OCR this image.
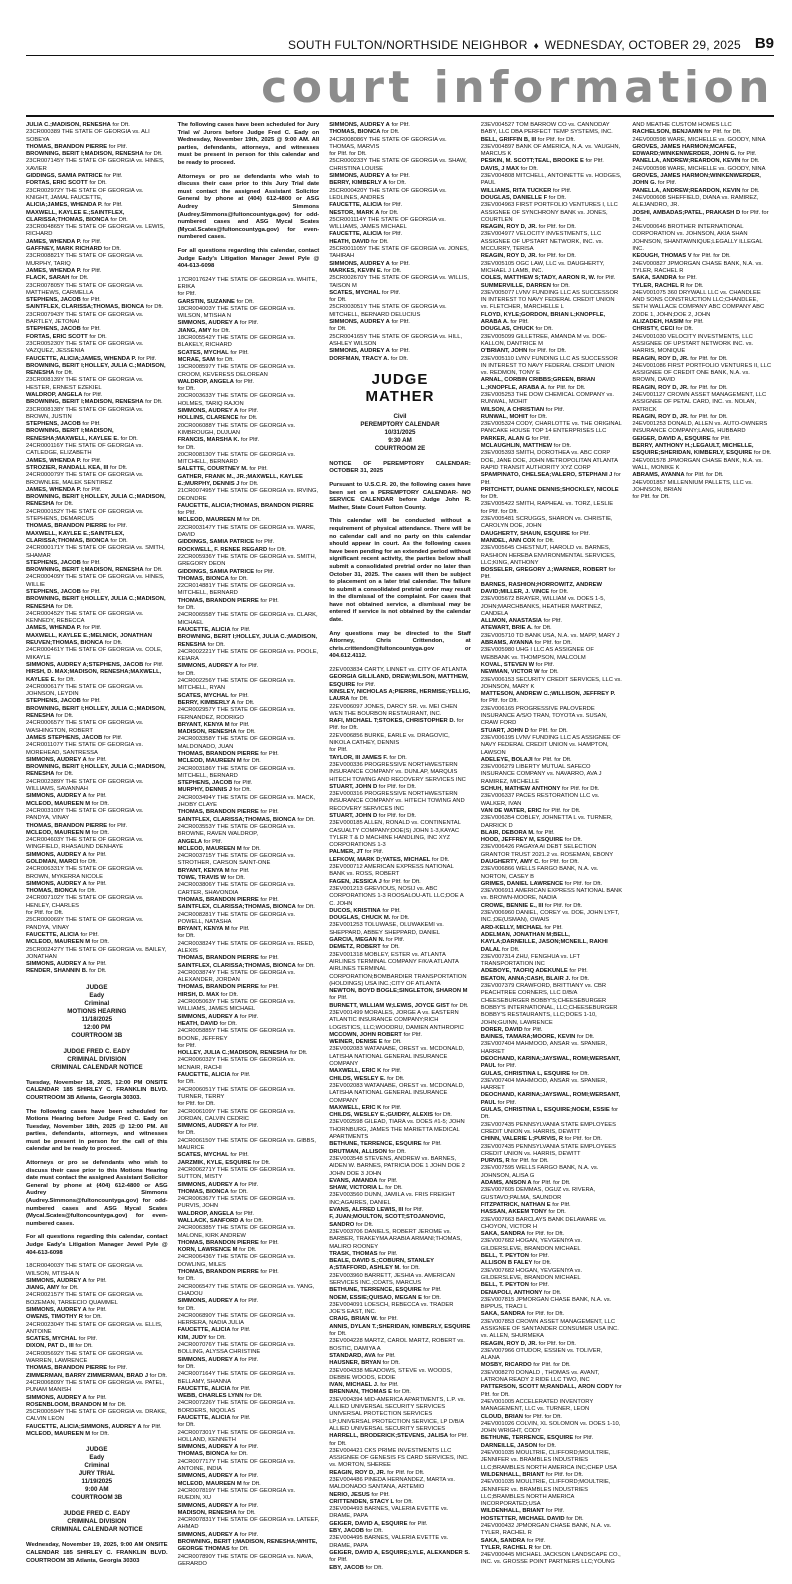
SOUTH FULTON/NORTHSIDE NEIGHBOR ♦ WEDNESDAY, OCTOBER 29, 2025 B9
court information
JULIA C.;MADISON, RENESHA for Dft.
23CR000389 THE STATE OF GEORGIA vs. ALI SOBEYA
THOMAS, BRANDON PIERRE for Pltf.
BROWNING, BERIT I;MADISON, RENESHA for Dft.
23CR007145Y THE STATE OF GEORGIA vs. HINES, XAVIER
GIDDINGS, SAMIA PATRICE for Pltf.
FORTAS, ERIC SCOTT for Dft.
23CR002972Y THE STATE OF GEORGIA vs. KNIGHT, JAMAL FAUCETTE,
ALICIA;JAMES, WHENDA P. for Pltf.
MAXWELL, KAYLEE E.;SAINTFLEX, CLARISSA;THOMAS, BIONCA for Dft.
23CR004865Y THE STATE OF GEORGIA vs. LEWIS, RICHARD
JAMES, WHENDA P. for Pltf.
GAFFNEY, MARK RICHARD for Dft.
23CR008821Y THE STATE OF GEORGIA vs. MURPHY, TARIQ
JAMES, WHENDA P. for Pltf.
FLACK, SARAH for Dft.
23CR007805Y THE STATE OF GEORGIA vs. MATTHEWS, CARMELLA
STEPHENS, JACOB for Pltf.
SAINTFLEX, CLARISSA;THOMAS, BIONCA for Dft.
23CR007943Y THE STATE OF GEORGIA vs. BARTLEY, JETONAI
STEPHENS, JACOB for Pltf.
FORTAS, ERIC SCOTT for Dft.
23CR005230Y THE STATE OF GEORGIA vs. VAZQUEZ, JESSENIA
FAUCETTE, ALICIA;JAMES, WHENDA P. for Pltf.
BROWNING, BERIT I;HOLLEY, JULIA C.;MADISON, RENESHA for Dft.
23CR008139Y THE STATE OF GEORGIA vs. HESTER, ERNEST EZEKIEL
WALDROP, ANGELA for Pltf.
BROWNING, BERIT I;MADISON, RENESHA for Dft.
23CR008138Y THE STATE OF GEORGIA vs. BROWN, JUSTIN
STEPHENS, JACOB for Pltf.
BROWNING, BERIT I;MADISON, RENESHA;MAXWELL, KAYLEE E. for Dft.
24CR000116Y THE STATE OF GEORGIA vs. CATLEDGE, ELIZABETH
JAMES, WHENDA P. for Pltf.
STROZIER, RANDALL KEA, III for Dft.
24CR000079Y THE STATE OF GEORGIA vs. BROWNLEE, MALEK SENTIREZ
JAMES, WHENDA P. for Pltf.
BROWNING, BERIT I;HOLLEY, JULIA C.;MADISON, RENESHA for Dft.
24CR000152Y THE STATE OF GEORGIA vs. STEPHENS, DEMARCUS
THOMAS, BRANDON PIERRE for Pltf.
MAXWELL, KAYLEE E.;SAINTFLEX, CLARISSA;THOMAS, BIONCA for Dft.
24CR000171Y THE STATE OF GEORGIA vs. SMITH, SHAMAR
STEPHENS, JACOB for Pltf.
BROWNING, BERIT I;MADISON, RENESHA for Dft.
24CR000409Y THE STATE OF GEORGIA vs. HINES, WILLIE
STEPHENS, JACOB for Pltf.
BROWNING, BERIT I;HOLLEY, JULIA C.;MADISON, RENESHA for Dft.
24CR000452Y THE STATE OF GEORGIA vs. KENNEDY, REBECCA
JAMES, WHENDA P. for Pltf.
MAXWELL, KAYLEE E.;MELNICK, JONATHAN REUVEN;THOMAS, BIONCA for Dft.
24CR000461Y THE STATE OF GEORGIA vs. COLE, MIKAYLE
SIMMONS, AUDREY A;STEPHENS, JACOB for Pltf.
HIRSH, D. MAX;MADISON, RENESHA;MAXWELL, KAYLEE E. for Dft.
24CR000617Y THE STATE OF GEORGIA vs. JOHNSON, LEYDIN
STEPHENS, JACOB for Pltf.
BROWNING, BERIT I;HOLLEY, JULIA C.;MADISON, RENESHA for Dft.
24CR000657Y THE STATE OF GEORGIA vs. WASHINGTON, ROBERT
JAMES STEPHENS, JACOB for Pltf.
24CR001107Y THE STATE OF GEORGIA vs. MOREHEAD, SANTRESSA
SIMMONS, AUDREY A for Pltf.
BROWNING, BERIT I;HOLLEY, JULIA C.;MADISON, RENESHA for Dft.
24CR002389Y THE STATE OF GEORGIA vs. WILLIAMS, SAVANNAH
SIMMONS, AUDREY A for Pltf.
MCLEOD, MAUREEN M for Dft.
24CR003100Y THE STATE OF GEORGIA vs. PANDYA, VINAY
THOMAS, BRANDON PIERRE for Pltf.
MCLEOD, MAUREEN M for Dft.
24CR004603Y THE STATE OF GEORGIA vs. WINGFIELD, RHASAUND DENHAYE
SIMMONS, AUDREY A for Pltf.
GOLDMAN, MARCI for Dft.
24CR006331Y THE STATE OF GEORGIA vs. BROWN, MYKERRA NICOLE
SIMMONS, AUDREY A for Pltf.
THOMAS, BIONCA for Dft.
24CR007102Y THE STATE OF GEORGIA vs. HENLEY, CHARLES
for Pltf. for Dft.
25CR000069Y THE STATE OF GEORGIA vs. PANDYA, VINAY
FAUCETTE, ALICIA for Pltf.
MCLEOD, MAUREEN M for Dft.
25CR002427Y THE STATE OF GEORGIA vs. BAILEY, JONATHAN
SIMMONS, AUDREY A for Pltf.
RENDER, SHANNIN B. for Dft.
JUDGE
Eady
Criminal
MOTIONS HEARING
11/18/2025
12:00 PM
COURTROOM 3B
JUDGE FRED C. EADY
CRIMINAL DIVISION
CRIMINAL CALENDAR NOTICE

Tuesday, November 18, 2025, 12:00 PM ONSITE CALENDAR 185 SHIRLEY C. FRANKLIN BLVD. COURTROOM 3B Atlanta, Georgia 30303.

The following cases have been scheduled for Motions Hearing before Judge Fred C. Eady on Tuesday, November 18th, 2025 @ 12:00 PM. All parties, defendants, attorneys, and witnesses must be present in person for the call of this calendar and be ready to proceed.

Attorneys or pro se defendants who wish to discuss their case prior to this Motions Hearing date must contact the assigned Assistant Solicitor General by phone at (404) 612-4800 or ASG Audrey Simmons (Audrey.Simmons@fultoncountyga.gov) for odd-numbered cases and ASG Mycal Scates (Mycal.Scates@fultoncountyga.gov) for even-numbered cases.

For all questions regarding this calendar, contact Judge Eady's Litigation Manager Jewel Pyle @ 404-613-6098

18CR004003Y THE STATE OF GEORGIA vs. WILSON, MTISHA N
SIMMONS, AUDREY A for Pltf.
JIANG, AMY for Dft.
24CR002157Y THE STATE OF GEORGIA vs. BOZEMAN, TAREECIO QUAMMEL
SIMMONS, AUDREY A for Pltf.
OWENS, TIMOTHY R for Dft.
24CR002304Y THE STATE OF GEORGIA vs. ELLIS, ANTOINE
SCATES, MYCHAL for Pltf.
DIXON, PAT D., III for Dft.
24CR005692Y THE STATE OF GEORGIA vs. WARREN, LAWRENCE
THOMAS, BRANDON PIERRE for Pltf.
ZIMMERMAN, BARRY ZIMMERMAN, BRAD J for Dft.
24CR006809Y THE STATE OF GEORGIA vs. PATEL, PUNAM MANISH
SIMMONS, AUDREY A for Pltf.
ROSENBLOOM, BRANDON M for Dft.
25CR000594Y THE STATE OF GEORGIA vs. DRAKE, CALVIN LEON
FAUCETTE, ALICIA;SIMMONS, AUDREY A for Pltf.
MCLEOD, MAUREEN M for Dft.
JUDGE
Eady
Criminal
JURY TRIAL
11/19/2025
9:00 AM
COURTROOM 3B
JUDGE FRED C. EADY
CRIMINAL DIVISION
CRIMINAL CALENDAR NOTICE

Wednesday, November 19, 2025, 9:00 AM ONSITE CALENDAR 185 SHIRLEY C. FRANKLIN BLVD. COURTROOM 3B Atlanta, Georgia 30303

The following cases have been scheduled for Jury Trial w/ Jurors before Judge Fred C. Eady on Wednesday, November 19th, 2025 @ 9:00 AM. All parties, defendants, attorneys, and witnesses must be present in person for this calendar and be ready to proceed.

Attorneys or pro se defendants who wish to discuss their case prior to this Jury Trial date must contact the assigned Assistant Solicitor General by phone at (404) 612-4800 or ASG Audrey Simmons (Audrey.Simmons@fultoncountyga.gov) for odd-numbered cases and ASG Mycal Scates (Mycal.Scates@fultoncountyga.gov) for even-numbered cases.

For all questions regarding this calendar, contact Judge Eady's Litigation Manager Jewel Pyle @ 404-613-6098

17CR017624Y THE STATE OF GEORGIA vs. WHITE, ERIKA
for Pltf.
GARSTIN, SUZANNE for Dft.
18CR004003Y THE STATE OF GEORGIA vs. WILSON, MTISHA N
SIMMONS, AUDREY A for Pltf.
JIANG, AMY for Dft.
18CR005542Y THE STATE OF GEORGIA vs. BLAKELY, RICHARD
SCATES, MYCHAL for Pltf.
MCRAE, SAM for Dft.
19CR008597Y THE STATE OF GEORGIA vs. CROOM, KEVERESS DELOREAN
WALDROP, ANGELA for Pltf.
for Dft.
20CR003633Y THE STATE OF GEORGIA vs. HOLMES, TARIQ RAJON
SIMMONS, AUDREY A for Pltf.
HOLLINS, CLARENCE for Dft.
20CR006088Y THE STATE OF GEORGIA vs. KIMBROUGH, DUJUAN
FRANCIS, MARSHA K. for Pltf.
for Dft.
20CR008130Y THE STATE OF GEORGIA vs. MITCHELL, BERNARD
SALETTE, COURTNEY M. for Pltf.
GATHER, FRANK M., JR.;MAXWELL, KAYLEE E.;MURPHY, DENNIS J for Dft.
21CR007495Y THE STATE OF GEORGIA vs. IRVING, DEONDRE
FAUCETTE, ALICIA;THOMAS, BRANDON PIERRE for Pltf.
MCLEOD, MAUREEN M for Dft.
22CR003147Y THE STATE OF GEORGIA vs. WARE, DAVID
GIDDINGS, SAMIA PATRICE for Pltf.
ROCKWELL, F. RENEE REGARD for Dft.
22CR005936Y THE STATE OF GEORGIA vs. SMITH, GREGORY DEON
GIDDINGS, SAMIA PATRICE for Pltf.
THOMAS, BIONCA for Dft.
22CR014881Y THE STATE OF GEORGIA vs. MITCHELL, BERNARD
THOMAS, BRANDON PIERRE for Pltf.
for Dft.
24CR006558Y THE STATE OF GEORGIA vs. CLARK, MICHAEL
FAUCETTE, ALICIA for Pltf.
BROWNING, BERIT I;HOLLEY, JULIA C.;MADISON, RENESHA for Dft.
24CR002221Y THE STATE OF GEORGIA vs. POOLE, KEIARA
SIMMONS, AUDREY A for Pltf.
for Dft.
24CR002256Y THE STATE OF GEORGIA vs. MITCHELL, RYAN
SCATES, MYCHAL for Pltf.
BERRY, KIMBERLY A for Dft.
24CR002957Y THE STATE OF GEORGIA vs. FERNANDEZ, RODRIGO
BRYANT, KENYA M for Pltf.
MADISON, RENESHA for Dft.
24CR003358Y THE STATE OF GEORGIA vs. MALDONADO, JUAN
THOMAS, BRANDON PIERRE for Pltf.
MCLEOD, MAUREEN M for Dft.
24CR003186Y THE STATE OF GEORGIA vs. MITCHELL, BERNARD
STEPHENS, JACOB for Pltf.
MURPHY, DENNIS J for Dft.
24CR003494Y THE STATE OF GEORGIA vs. MACK, JHOBY CLAYE
THOMAS, BRANDON PIERRE for Pltf.
SAINTFLEX, CLARISSA;THOMAS, BIONCA for Dft.
24CR003553Y THE STATE OF GEORGIA vs. BROWNE, RAVEN WALDROP,
ANGELA for Pltf.
MCLEOD, MAUREEN M for Dft.
24CR003715Y THE STATE OF GEORGIA vs. STROTHER, CARSON SAINT-ONE
BRYANT, KENYA M for Pltf.
TOWE, TRAVIS W for Dft.
24CR003806Y THE STATE OF GEORGIA vs. CARTER, SHAVONDIA
THOMAS, BRANDON PIERRE for Pltf.
SAINTFLEX, CLARISSA;THOMAS, BIONCA for Dft.
24CR008281Y THE STATE OF GEORGIA vs. POWELL, NATASHA
BRYANT, KENYA M for Pltf.
for Dft.
24CR003824Y THE STATE OF GEORGIA vs. REED, ALEXIS
THOMAS, BRANDON PIERRE for Pltf.
SAINTFLEX, CLARISSA;THOMAS, BIONCA for Dft.
24CR003874Y THE STATE OF GEORGIA vs. ALEXANDER, JORDAN
THOMAS, BRANDON PIERRE for Pltf.
HIRSH, D. MAX for Dft.
24CR005063Y THE STATE OF GEORGIA vs. WILLIAMS, JAMES MICHAEL
SIMMONS, AUDREY A for Pltf.
HEATH, DAVID for Dft.
24CR005885Y THE STATE OF GEORGIA vs. BOONE, JEFFREY
for Pltf.
HOLLEY, JULIA C.;MADISON, RENESHA for Dft.
24CR006032Y THE STATE OF GEORGIA vs. MCNAIR, RACHI
FAUCETTE, ALICIA for Pltf.
for Dft.
24CR006051Y THE STATE OF GEORGIA vs. TURNER, TERRY
for Pltf. for Dft.
24CR006109Y THE STATE OF GEORGIA vs. JORDAN, CALVIN CEDRIC
SIMMONS, AUDREY A for Pltf.
for Dft.
24CR006150Y THE STATE OF GEORGIA vs. GIBBS, MAURICE
SCATES, MYCHAL for Pltf.
JARZMIK, KYLE, ESQUIRE for Dft.
24CR006271Y THE STATE OF GEORGIA vs. SUTTON, MISTY
SIMMONS, AUDREY A for Pltf.
THOMAS, BIONCA for Dft.
24CR006367Y THE STATE OF GEORGIA vs. PURVIS, JOHN
WALDROP, ANGELA for Pltf.
WALLACK, SANFORD A for Dft.
24CR006385Y THE STATE OF GEORGIA vs. MALONE, KIRK ANDREW
THOMAS, BRANDON PIERRE for Pltf.
KORN, LAWRENCE M for Dft.
24CR006436Y THE STATE OF GEORGIA vs. DOWLING, MILES
THOMAS, BRANDON PIERRE for Pltf.
for Dft.
24CR006547Y THE STATE OF GEORGIA vs. YANG, CHADOU
SIMMONS, AUDREY A for Pltf.
for Dft.
24CR006890Y THE STATE OF GEORGIA vs. HERRERA, NADIA JULIA
FAUCETTE, ALICIA for Pltf.
KIM, JUDY for Dft.
24CR007076Y THE STATE OF GEORGIA vs. BOLLING, ALYSSA CHRISTINE
SIMMONS, AUDREY A for Pltf.
for Dft.
24CR007164Y THE STATE OF GEORGIA vs. BELLAMY, SHANNA
FAUCETTE, ALICIA for Pltf.
WEBB, CHARLES LYNN for Dft.
24CR007226Y THE STATE OF GEORGIA vs. BORDERS, NIQOLAS
FAUCETTE, ALICIA for Pltf.
for Dft.
24CR007301Y THE STATE OF GEORGIA vs. HOLLAND, KENNETH
SIMMONS, AUDREY A for Pltf.
THOMAS, BIONCA for Dft.
24CR007717Y THE STATE OF GEORGIA vs. ANTOINE, INDIA
SIMMONS, AUDREY A for Pltf.
MCLEOD, MAUREEN M for Dft.
24CR007819Y THE STATE OF GEORGIA vs. RUEDIN, XU
SIMMONS, AUDREY A for Pltf.
MADISON, RENESHA for Dft.
24CR007831Y THE STATE OF GEORGIA vs. LATEEF, AHMAD
SIMMONS, AUDREY A for Pltf.
BROWNING, BERIT I;MADISON, RENESHA;WHITE, GEORGE THOMAS for Dft.
24CR007890Y THE STATE OF GEORGIA vs. NAVA, GERARDO
SIMMONS, AUDREY A for Pltf.
THOMAS, BIONCA for Dft.
24CR008086Y THE STATE OF GEORGIA vs. THOMAS, MARVIS
for Pltf. for Dft.
25CR000233Y THE STATE OF GEORGIA vs. SHAW, CHRISTINA LOUISE
SIMMONS, AUDREY A for Pltf.
BERRY, KIMBERLY A for Dft.
25CR000420Y THE STATE OF GEORGIA vs. LEDLINES, ANDRES
FAUCETTE, ALICIA for Pltf.
NESTOR, MARK A for Dft.
25CR001114Y THE STATE OF GEORGIA vs. WILLIAMS, JAMES MICHAEL
FAUCETTE, ALICIA for Pltf.
HEATH, DAVID for Dft.
25CR001105Y THE STATE OF GEORGIA vs. JONES, TAHIRAH
SIMMONS, AUDREY A for Pltf.
MARKES, KEVIN E. for Dft.
25CR002670Y THE STATE OF GEORGIA vs. WILLIS, TAISON M
SCATES, MYCHAL for Pltf.
for Dft.
25CR003051Y THE STATE OF GEORGIA vs. MITCHELL, BERNARD DELUCIUS
SIMMONS, AUDREY A for Pltf.
for Dft.
25CR004165Y THE STATE OF GEORGIA vs. HILL, ASHLEY WILSON
SIMMONS, AUDREY A for Pltf.
DORFMAN, TRACY A. for Dft.
JUDGE
MATHER
Civil
PEREMPTORY CALENDAR
10/31/2025
9:30 AM
COURTROOM 2E

NOTICE OF PEREMPTORY CALENDAR: OCTOBER 31, 2025

Pursuant to U.S.C.R. 20, the following cases have been set on a PEREMPTORY CALENDAR- NO SERVICE CALENDAR before Judge John R. Mather, State Court Fulton County.

This calendar will be conducted without a requirement of physical attendance. There will be no calendar call and no party on this calendar should appear in court. As the following cases have been pending for an extended period without significant recent activity, the parties below shall submit a consolidated pretrial order no later than October 31, 2025. The cases will then be subject to placement on a later trial calendar. The failure to submit a consolidated pretrial order may result in the dismissal of the complaint. For cases that have not obtained service, a dismissal may be entered if service is not obtained by the calendar date.

Any questions may be directed to the Staff Attorney, Chris Crittendon, at chris.crittendon@fultoncountyga.gov or 404.612.4112.

22EV003834 CARTY, LINNET vs. CITY OF ATLANTA
GEORGIA GILLILAND, DREW;WILSON, MATTHEW, ESQUIRE for Pltf.
KINSLEY, NICHOLAS A;PIERRE, HERMISE;YELLIG, LAURA for Dft.
22EV006097 JONES, DARCY SR. vs. MEI CHEN WEN THE BOURBON RESTAURANT, INC.
RAFI, MICHAEL T;STOKES, CHRISTOPHER D. for Pltf. for Dft.
22EV006856 BURKE, EARLE vs. DRAGOVIC, NIKOLA CATHEY, DENNIS
for Pltf.
TAYLOR, III JAMES F. for Dft.
23EV000336 PROGRESSIVE NORTHWESTERN INSURANCE COMPANY vs. DUNLAP, MARQUIS HITECH TOWING AND RECOVERY SERVICES INC
STUART, JOHN D for Pltf. for Dft.
23EV000316 PROGRESSIVE NORTHWESTERN INSURANCE COMPANY vs. HITECH TOWING AND RECOVERY SERVICES INC
STUART, JOHN D for Pltf. for Dft.
23EV000185 ALLEN, RONALD vs. CONTINENTAL CASUALTY COMPANY;DOE(S) JOHN 1-3,KAYAC TYLER T & D MACHINE HANDLING, INC XYZ CORPORATIONS 1-3
PALMER, JT for Pltf.
LEFKOW, MARK D;YATES, MICHAEL for Dft.
23EV000712 AMERICAN EXPRESS NATIONAL BANK vs. ROSS, ROBERT
FAGEN, JESSICA J for Pltf. for Dft.
23EV001213 GREVIOUS, NOSIJ vs. ABC CORPORATIONS 1-3 ROOSALOU-ATL LLC;DOE A C. JOHN
DUCOS, KRISTINA for Pltf.
DOUGLAS, CHUCK M. for Dft.
23EV001253 TOLUWASE, OLUWAKEMI vs. SHEPPARD, ABBEY SHEPPARD, DANIEL
GARCIA, MEGAN N. for Pltf.
DEMETZ, ROBERT for Dft.
23EV001318 MOBLEY, ESTER vs. ATLANTA AIRLINES TERMINAL COMPANY F/K/A ATLANTA AIRLINES TERMINAL CORPORATION;BOMBARDIER TRANSPORTATION (HOLDINGS) USA INC.;CITY OF ATLANTA
NEWTON, BOYD BOGLE;SINGLETON, SHARON M for Pltf.
BURNETT, WILLIAM W;LEWIS, JOYCE GIST for Dft.
23EV001499 MORALES, JORGE A vs. EASTERN ATLANTIC INSURANCE COMPANY;RICH LOGISTICS, LLC;WOODRU, DAMIEN ANTHROPIC
MCCOWN, JOHN ROBERT for Pltf.
WEINER, DENISE E for Dft.
23EV002083 WATANABE, OREST vs. MCDONALD, LATISHA NATIONAL GENERAL INSURANCE COMPANY
MAXWELL, ERIC K for Pltf.
CHILDS, WESLEY E. for Dft.
23EV002083 WATANABE, OREST vs. MCDONALD, LATISHA NATIONAL GENERAL INSURANCE COMPANY
MAXWELL, ERIC K for Pltf.
CHILDS, WESLEY E.;GUIDRY, ALEXIS for Dft.
23EV002598 GILEAD, TIARA vs. DOES #1-5; JOHN THORNBURG, JAMES THE MARIETTA MEDICAL APARTMENTS
BETHUNE, TERRENCE, ESQUIRE for Pltf.
DRUTMAN, ALLISON for Dft.
23EV003548 STEVENS, ANDREW vs. BARNES, AIDEN W. BARNES, PATRICIA DOE 1 JOHN DOE 2 JOHN DOE 3 JOHN
EVANS, AMANDA for Pltf.
SHAW, VICTORIA L. for Dft.
23EV003560 DUNN, JAMILA vs. FRIS FREIGHT INC;AGAIRES, DANIEL
EVANS, ALFRED LEWIS, III for Pltf.
F, JUAN;MOULTON, SCOTT;STOJANOVIC, SANDRO for Dft.
23EV003706 DANIELS, ROBERT JEROME vs. BARBER, TRAKEYMA ARABIA ARMANI;THOMAS, MALIRO ROONEY
TRASK, THOMAS for Pltf.
BEALE, DAVID S.;COBURN, STANLEY A;STAFFORD, ASHLEY M. for Dft.
23EV003960 BARRETT, JESHIA vs. AMERICAN SERVICES INC.;COATS, MARCUS
BETHUNE, TERRENCE, ESQUIRE for Pltf.
NOEM, ESSIE;QUISAO, MEGAN E for Dft.
23EV004091 LOESCH, REBECCA vs. TRADER JOE'S EAST, INC.
CRAIG, BRIAN W. for Pltf.
ANNIS, DYLAN T.;SHERIDAN, KIMBERLY, ESQUIRE for Dft.
23EV004228 MARTZ, CAROL MARTZ, ROBERT vs. BOSTIC, DAMIYA A
STANDARD, AVA for Pltf.
HAUSNER, BRYAN for Dft.
23EV004338 MEADOWS, STEVE vs. WOODS, DEBBIE WOODS, EDDIE
IVAN, MICHAEL J. for Pltf.
BRENNAN, THOMAS E for Dft.
23EV004394 MID-AMERICA APARTMENTS, L.P. vs. ALLIED UNIVERSAL SECURITY SERVICES UNIVERSAL PROTECTION SERVICES LP;UNIVERSAL PROTECTION SERVICE, LP D/B/A ALLIED UNIVERSAL SECURITY SERVICES
HARRELL, BRODERICK;STEVENS, JALISA for Pltf. for Dft.
23EV004421 CKS PRIME INVESTMENTS LLC ASSIGNEE OF GENESIS FS CARD SERVICES, INC. vs. MORTON, SHEREE
REAGIN, ROY D, JR. for Pltf. for Dft.
23EV004486 PINEDA HERNANDEZ, MARTA vs. MALDONADO SANTANA, ARTEMIO
NERIO, JESUS for Pltf.
CRITTENDEN, STACY L for Dft.
23EV004493 BARNES, VALERIA EVETTE vs. DRAME, PAPA
GEIGER, DAVID A, ESQUIRE for Pltf.
EBY, JACOB for Dft.
23EV004495 BARNES, VALERIA EVETTE vs. DRAME, PAPA
GEIGER, DAVID A, ESQUIRE;LYLE, ALEXANDER S. for Pltf.
EBY, JACOB for Dft.
23EV004527 TOM BARROW CO vs. CANNODAY BABY, LLC DBA PERFECT TEMP SYSTEMS, INC.
BELL, GRIFFIN B, III for Pltf. for Dft.
23EV004897 BANK OF AMERICA, N.A. vs. VAUGHN, MARCUS K
PESKIN, M. SCOTT;TEAL, BROOKE E for Pltf.
DAVIS, J MAX for Dft.
23EV004808 MITCHELL, ANTOINETTE vs. HODGES, PAUL
WILLIAMS, RITA TUCKER for Pltf.
DOUGLAS, DANIELLE F for Dft.
23EV004963 FIRST PORTFOLIO VENTURES I, LLC ASSIGNEE OF SYNCHRONY BANK vs. JONES, COURTLEN
REAGIN, ROY D, JR. for Pltf. for Dft.
23EV004977 VELOCITY INVESTMENTS, LLC ASSIGNEE OF UPSTART NETWORK, INC. vs. MCCURRY, TERISA
REAGIN, ROY D, JR. for Pltf. for Dft.
23EV005105 OGC LAW, LLC vs. DAUGHERTY, MICHAEL J LAMB, INC.
COLES, MATTHEW S;TADY, AARON R, W. for Pltf.
SUMMERVILLE, DARREN for Dft.
23EV005077 LVNV FUNDING LLC AS SUCCESSOR IN INTEREST TO NAVY FEDERAL CREDIT UNION vs. FLETCHER, MARCHELLE L
FLOYD, KYLE;GORDON, BRIAN L;KNOPFLE, ARABA A. for Pltf.
DOUGLAS, CHUCK for Dft.
23EV005099 GILLETREE, AMANDA M vs. DOE-KALLON, DANTRICE M
O'BRIANT, JOHN for Pltf. for Dft.
23EV005110 LVNV FUNDING LLC AS SUCCESSOR IN INTEREST TO NAVY FEDERAL CREDIT UNION vs. REDMON, TONY E
ARNAL, CORBIN CRIBBS;GREEN, BRIAN L.;KNOPFLE, ARABA A. for Pltf. for Dft.
23EV005253 THE DOW CHEMICAL COMPANY vs. RUNWAL, MOHIT
WILSON, A CHRISTIAN for Pltf.
RUNWAL, MOHIT for Dft.
23EV005324 CODY, CHARLOTTE vs. THE ORIGINAL PANCAKE HOUSE TOP 14 ENTERPRISES LLC
PARKER, ALAN G for Pltf.
MCLAUGHLIN, MATTHEW for Dft.
23EV005393 SMITH, DOROTHEA vs. ABC CORP DOE, JANE DOE, JOHN METROPOLITAN ATLANTA RAPID TRANSIT AUTHORITY XYZ CORP
SPAMPINATO, CHELSEA;VALERO, STEPHANI J for Pltf.
PRITCHETT, DUANE DENNIS;SHOCKLEY, NICOLE for Dft.
23EV005422 SMITH, RAPHEAL vs. TORZ, LESLIE
for Pltf. for Dft.
23EV005481 SCRUGGS, SHARON vs. CHRISTIE, CAROLYN DOE, JOHN
DAUGHERTY, SHAUN, ESQUIRE for Pltf.
MANDEL, ANN COX for Dft.
23EV005645 CHESTNUT, HAROLD vs. BARNES, RASHION HEREBA ENVIRONMENTAL SERVICES, LLC;KING, ANTHONY
BOSSELER, GREGORY J.;WARNER, ROBERT for Pltf.
BARNES, RASHION;HORROWITZ, ANDREW DAVID;MILLER, J. VINCE for Dft.
23EV005672 BRAYER, WILLIAM vs. DOES 1-5, JOHN;MARCHBANKS, HEATHER MARTINEZ, CANDELA
ALLMON, ANASTASIA for Pltf.
ATEWART, BRIE A. for Dft.
23EV005710 TD BANK USA, N.A. vs. MAPP, MARY J
ABRAMS, AYANNA for Pltf. for Dft.
23EV005980 UHG I LLC AS ASSIGNEE OF WEBBANK vs. THOMPSON, MALCOLM
KOVAL, STEVEN W for Pltf.
NEWMAN, VICTOR W for Dft.
23EV006153 SECURITY CREDIT SERVICES, LLC vs. JOHNSON, MARY K
MATTESON, ANDREW C.;WILLISON, JEFFREY P. for Pltf. for Dft.
23EV006165 PROGRESSIVE PALOVERDE INSURANCE A/S/O TRAN, TOYOTA vs. SUSAN, CRAW FORD
STUART, JOHN D for Pltf. for Dft.
23EV006195 LVNV FUNDING LLC AS ASSIGNEE OF NAVY FEDERAL CREDIT UNION vs. HAMPTON, LAWSON
ADELEYE, BOLAJI for Pltf. for Dft.
23EV006279 LIBERTY MUTUAL SAFECO INSURANCE COMPANY vs. NAVARRO, AVA J RAMIREZ, MICHELLE
SCHUH, MATHEW ANTHONY for Pltf. for Dft.
23EV006337 PACES RESTORATION LLC vs. WALKER, IVAN
VAN DE WATER, ERIC for Pltf. for Dft.
23EV006354 COBLEY, JOHNETTA L vs. TURNER, DARRICK D
BLAIR, DEBORA M. for Pltf.
HOOD, JEFFREY M, ESQUIRE for Dft.
23EV006426 PAGAYA AI DEBT SELECTION GRANTOR TRUST 2021.2 vs. ROSEMAN, EBONY
DAUGHERTY, AMY C. for Pltf. for Dft.
23EV006866 WELLS FARGO BANK, N.A. vs. NORTON, CASEY B
GRIMES, DANIEL LAWRENCE for Pltf. for Dft.
23EV006911 AMERICAN EXPRESS NATIONAL BANK vs. BROWN-MOORE, NADIA
CROWE, BENNIE E., III for Pltf. for Dft.
23EV006960 DANIEL, COREY vs. DOE, JOHN LYFT, INC.;DE(USMAN), OWAIS
ARD-KELLY, MICHAEL for Pltf.
ADELMAN, JONATHAN M;BELL, KAYLA;DARNEILLE, JASON;MCNEILL, RAKHI DALAL for Dft.
23EV007314 ZHU, FENGHUA vs. LFT TRANSPORTATION INC
ADEBOYE, TAOFIQ ADEKUNLE for Pltf.
BEATON, ANNA;CASH, BLAIR J. for Dft.
23EV007379 CRAWFORD, BRITTIANY vs. CBR PEACHTREE CORNERS, LLC D/B/A CHEESEBURGER BOBBY'S;CHEESEBURGER BOBBY'S INTERNATIONAL, LLC;CHEESEBURGER BOBBY'S RESTAURANTS, LLC;DOES 1-10, JOHN;GUINN, LAWRENCE
DORER, DAVID for Pltf.
BAINES, TAMARA;MOORE, KEVIN for Dft.
23EV007404 MAHMOOD, ANSAR vs. SPANIER, HARRET
DEOCHAND, KARINA;JAYSWAL, ROMI;WERSANT, PAUL for Pltf.
GULAS, CHRISTINA L, ESQUIRE for Dft.
23EV007404 MAHMOOD, ANSAR vs. SPANIER, HARRET
DEOCHAND, KARINA;JAYSWAL, ROMI;WERSANT, PAUL for Pltf.
GULAS, CHRISTINA L, ESQUIRE;NOEM, ESSIE for Dft.
23EV007435 PENNSYLVANIA STATE EMPLOYEES CREDIT UNION vs. HARRIS, DEWITT
CHINN, VALERIE L;PURVIS, R for Pltf. for Dft.
23EV007435 PENNSYLVANIA STATE EMPLOYEES CREDIT UNION vs. HARRIS, DEWITT
PURVIS, R for Pltf. for Dft.
23EV007595 WELLS FARGO BANK, N.A. vs. JOHNSON, ALISA G
ADAMS, ANSON A for Pltf. for Dft.
23EV007605 DEMMAS, OGUZ vs. RIVERA, GUSTAVO;PALMA, SAUNDOR
FITZPATRICK, NATHAN E for Pltf.
HASSAN, AKEEM TONY for Dft.
23EV007663 BARCLAYS BANK DELAWARE vs. CHOYON, VICTOR H
SAKA, SANDRA for Pltf. for Dft.
23EV007682 HOGAN, YEVGENIYA vs. GILDERSLEVE, BRANDON MICHAEL
BELL, T. PEYTON for Pltf.
ALLISON B FALEY for Dft.
23EV007682 HOGAN, YEVGENIYA vs. GILDERSLEVE, BRANDON MICHAEL
BELL, T. PEYTON for Pltf.
DENAPOLI, ANTHONY for Dft.
23EV007815 JPMORGAN CHASE BANK, N.A. vs. BIPPUS, TRACI L
SAKA, SANDRA for Pltf. for Dft.
23EV007853 CROWN ASSET MANAGEMENT, LLC ASSIGNEE OF SANTANDER CONSUMER USA INC. vs. ALLEN, SHURMEKA
REAGIN, ROY D, JR. for Pltf. for Dft.
23EV007966 OTUDOR, ESSIEN vs. TOLIVER, ALANA
MOSBY, RICARDO for Pltf. for Dft.
23EV008270 DONALD , THOMAS vs. AVANT, LATRONA READY 2 RIDE LLC TWO, INC
PATTERSON, SCOTT M;RANDALL, ARON CODY for Pltf. for Dft.
24EV001005 ACCELERATED INVENTORY MANAGEMENT, LLC vs. TURNER, LEON
CLOUD, BRIAN for Pltf. for Dft.
24EV001026 COLVIN, XL SOLOMON vs. DOES 1-10, JOHN WRIGHT, CODY
BETHUNE, TERRENCE, ESQUIRE for Pltf.
DARNEILLE, JASON for Dft.
24EV001035 MOULTRIE, CLIFFORD;MOULTRIE, JENNIFER vs. BRAMBLES INDUSTRIES LLC;BRAMBLES NORTH AMERICA INC;CHEP USA
WILDENHALL, BRIANT for Pltf. for Dft.
24EV001035 MOULTRIE, CLIFFORD;MOULTRIE, JENNIFER vs. BRAMBLES INDUSTRIES LLC;BRAMBLES NORTH AMERICA INCORPORATED;USA
WILDENHALL, BRIANT for Pltf.
HOSTETTER, MICHAEL DAVID for Dft.
24EV000432 JPMORGAN CHASE BANK, N.A. vs. TYLER, RACHEL R
SAKA, SANDRA for Pltf.
TYLER, RACHEL R for Dft.
24EV000445 MICHAEL JACKSON LANDSCAPE CO., INC. vs. GROSSE POINT PARTNERS LLC;YOUNG AND MEATHE CUSTOM HOMES LLC
RACHELSON, BENJAMIN for Pltf. for Dft.
24EV000598 WARE, MICHELLE vs. GOODY, NINA
GROVES, JAMES HARMON;MCAFEE, EDWARD;WINKENWERDER, JOHN G. for Pltf.
PANELLA, ANDREW;REARDON, KEVIN for Dft.
24EV000598 WARE, MICHELLE vs. GOODY, NINA
GROVES, JAMES HARMON;WINKENWERDER, JOHN G. for Pltf.
PANELLA, ANDREW;REARDON, KEVIN for Dft.
24EV000608 SHEFFIELD, DIANA vs. RAMIREZ, ALEJANDRO, JR.
JOSHI, AMBADAS;PATEL, PRAKASH D for Pltf. for Dft.
24EV000646 BROTHER INTERNATIONAL CORPORATION vs. JOHNSON, AKIA SHAN JOHNSON, SHANTAWNIQUE;LEGALLY ILLEGAL INC.
KEOUGH, THOMAS V for Pltf. for Dft.
24EV000827 JPMORGAN CHASE BANK, N.A. vs. TYLER, RACHEL R
SAKA, SANDRA for Pltf.
TYLER, RACHEL R for Dft.
24EV001075 360 DRYWALL LLC vs. CHANDLEE AND SONS CONSTRUCTION LLC;CHANDLEE, SETH WALLACE COMPANY ABC COMPANY ABC ZODE 1, JOHN;DOE 2, JOHN
ALIZADEH, HASIM for Pltf.
CHRISTY, CECI for Dft.
24EV001030 VELOCITY INVESTMENTS, LLC ASSIGNEE OF UPSTART NETWORK INC. vs. HARRIS, MONIQUE
REAGIN, ROY D, JR. for Pltf. for Dft.
24EV001086 FIRST PORTFOLIO VENTURES II, LLC ASSIGNEE OF CREDIT ONE BANK, N.A. vs. BROWN, DAVID
REAGIN, ROY D, JR. for Pltf. for Dft.
24EV001127 CROWN ASSET MANAGEMENT, LLC ASSIGNEE OF PETAL CARD, INC. vs. NOLAN, PATRICK
REAGIN, ROY D, JR. for Pltf. for Dft.
24EV001253 DONALD, ALLEN vs. AUTO-OWNERS INSURANCE COMPANY;LANG, HUBBARD
GEIGER, DAVID A, ESQUIRE for Pltf.
BERRY, ANTHONY H.;LEGAULT, MICHELLE, ESQUIRE;SHERIDAN, KIMBERLY, ESQUIRE for Dft.
24EV001578 JPMORGAN CHASE BANK, N.A. vs. WALL, MONIKE K
ABRAMS, AYANNA for Pltf. for Dft.
24EV001857 MILLENNIUM PALLETS, LLC vs. JOHNSON, BRIAN
for Pltf. for Dft.
